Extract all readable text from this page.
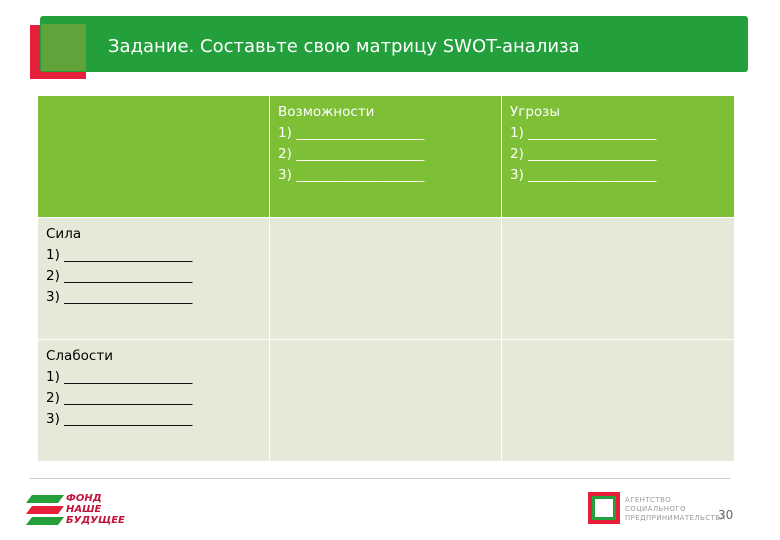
Задание. Составьте свою матрицу SWOT-анализа
Возможности
1) ___________________
2) ___________________
3) ___________________
Угрозы
1) ___________________
2) ___________________
3) ___________________
Сила
1) ___________________
2) ___________________
3) ___________________
Слабости
1) ___________________
2) ___________________
3) ___________________
ФОНД
НАШЕ
БУДУЩЕЕ
АГЕНТСТВО
СОЦИАЛЬНОГО
ПРЕДПРИНИМАТЕЛЬСТВА
30
